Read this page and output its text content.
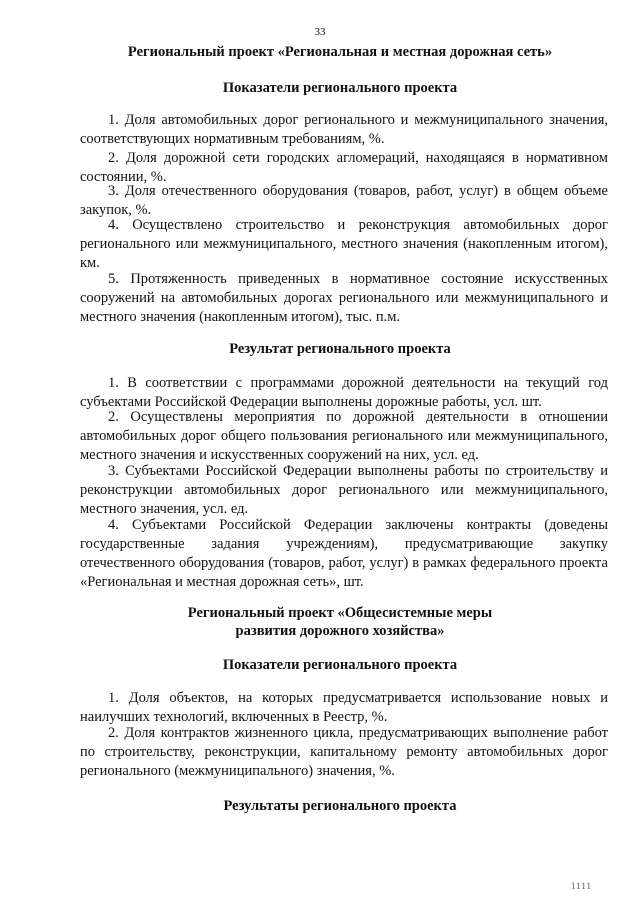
33
Региональный проект «Региональная и местная дорожная сеть»
Показатели регионального проекта

1. Доля автомобильных дорог регионального и межмуниципального значения, соответствующих нормативным требованиям, %.

2. Доля дорожной сети городских агломераций, находящаяся в нормативном состоянии, %.

3. Доля отечественного оборудования (товаров, работ, услуг) в общем объеме закупок, %.

4. Осуществлено строительство и реконструкция автомобильных дорог регионального или межмуниципального, местного значения (накопленным итогом), км.

5. Протяженность приведенных в нормативное состояние искусственных сооружений на автомобильных дорогах регионального или межмуниципального и местного значения (накопленным итогом), тыс. п.м.

Результат регионального проекта

1. В соответствии с программами дорожной деятельности на текущий год субъектами Российской Федерации выполнены дорожные работы, усл. шт.

2. Осуществлены мероприятия по дорожной деятельности в отношении автомобильных дорог общего пользования регионального или межмуниципального, местного значения и искусственных сооружений на них, усл. ед.

3. Субъектами Российской Федерации выполнены работы по строительству и реконструкции автомобильных дорог регионального или межмуниципального, местного значения, усл. ед.

4. Субъектами Российской Федерации заключены контракты (доведены государственные задания учреждениям), предусматривающие закупку отечественного оборудования (товаров, работ, услуг) в рамках федерального проекта «Региональная и местная дорожная сеть», шт.

Региональный проект «Общесистемные меры
развития дорожного хозяйства»
Показатели регионального проекта

1. Доля объектов, на которых предусматривается использование новых и наилучших технологий, включенных в Реестр, %.

2. Доля контрактов жизненного цикла, предусматривающих выполнение работ по строительству, реконструкции, капитальному ремонту автомобильных дорог регионального (межмуниципального) значения, %.

Результаты регионального проекта
1111
